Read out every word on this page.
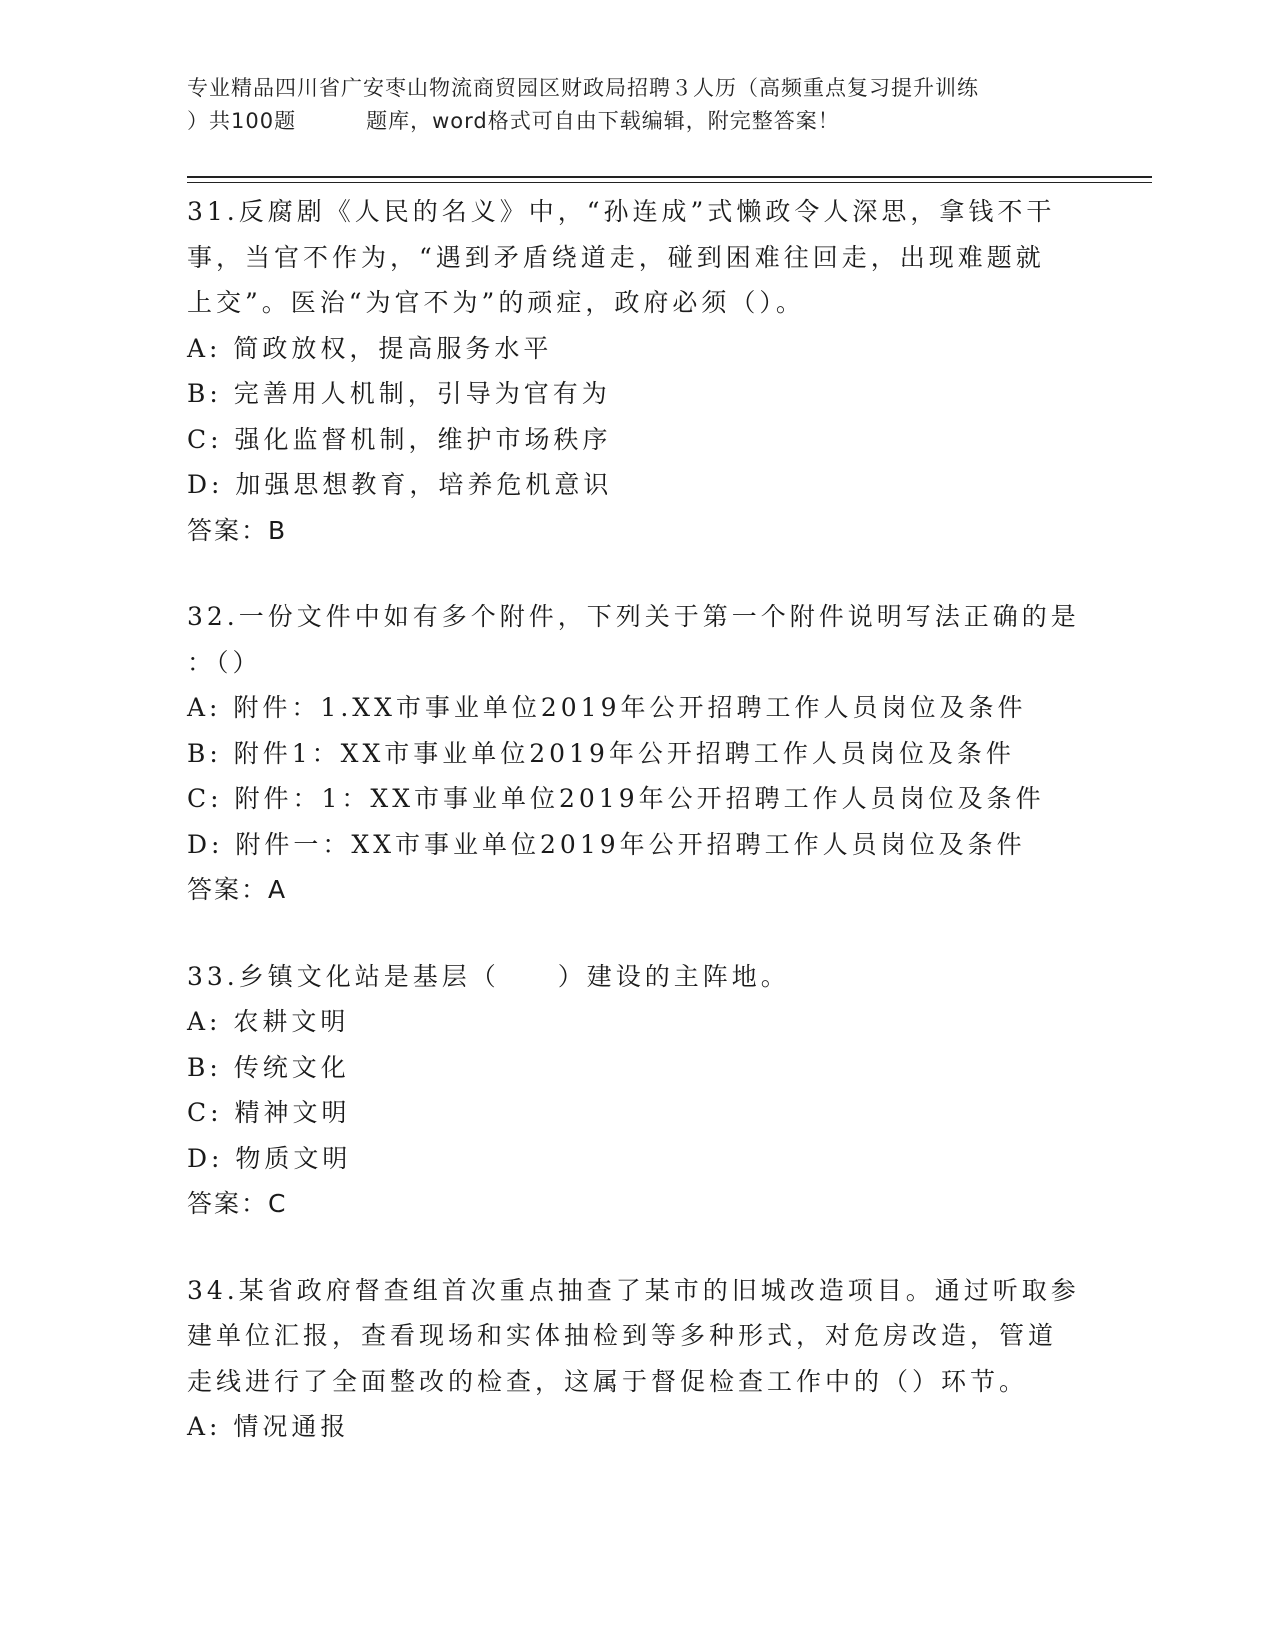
专业精品四川省广安枣山物流商贸园区财政局招聘３人历（高频重点复习提升训练
）共100题	题库，word格式可自由下载编辑，附完整答案！
31.反腐剧《人民的名义》中，“孙连成”式懒政令人深思，拿钱不干
事，当官不作为，“遇到矛盾绕道走，碰到困难往回走，出现难题就
上交”。医治“为官不为”的顽症，政府必须（）。
A: 简政放权，提高服务水平
B: 完善用人机制，引导为官有为
C: 强化监督机制，维护市场秩序
D: 加强思想教育，培养危机意识
答案：B
32.一份文件中如有多个附件，下列关于第一个附件说明写法正确的是
：（）
A: 附件：1.XX市事业单位2019年公开招聘工作人员岗位及条件
B: 附件1：XX市事业单位2019年公开招聘工作人员岗位及条件
C: 附件：1：XX市事业单位2019年公开招聘工作人员岗位及条件
D: 附件一：XX市事业单位2019年公开招聘工作人员岗位及条件
答案：A
33.乡镇文化站是基层（　　）建设的主阵地。
A: 农耕文明
B: 传统文化
C: 精神文明
D: 物质文明
答案：C
34.某省政府督查组首次重点抽查了某市的旧城改造项目。通过听取参
建单位汇报，查看现场和实体抽检到等多种形式，对危房改造，管道
走线进行了全面整改的检查，这属于督促检查工作中的（）环节。
A: 情况通报
